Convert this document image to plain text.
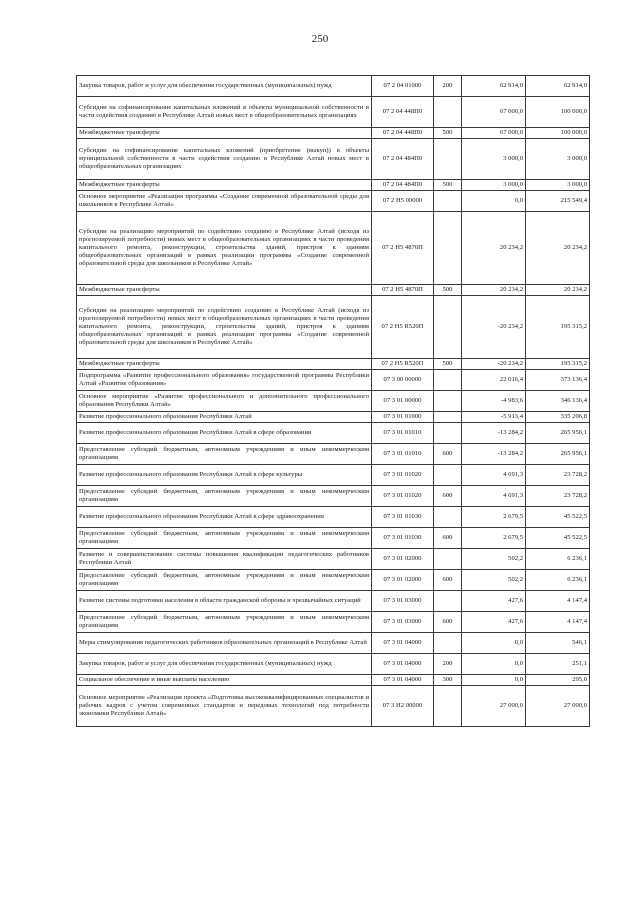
250
Закупка товаров, работ и услуг для обеспечения государственных (муниципальных) нужд	07 2 04 01000	200	62 914,0	62 914,0
Субсидии на софинансирование капитальных вложений в объекты муниципальной собственности в части содействия созданию в Республике Алтай новых мест в общеобразовательных организациях	07 2 04 448П0		67 000,0	100 000,0
Межбюджетные трансферты	07 2 04 448П0	500	67 000,0	100 000,0
Субсидии на софинансирование капитальных вложений (приобретение (выкуп)) в объекты муниципальной собственности в части содействия созданию в Республике Алтай новых мест в общеобразовательных организациях	07 2 04 484П0		3 000,0	3 000,0
Межбюджетные трансферты	07 2 04 484П0	500	3 000,0	3 000,0
Основное мероприятие «Реализация программы «Создание современной образовательной среды для школьников в Республике Алтай»	07 2 Н5 00000		0,0	215 549,4
Субсидии на реализацию мероприятий по содействию созданию в Республике Алтай (исходя из прогнозируемой потребности) новых мест в общеобразовательных организациях в части проведения капитального ремонта, реконструкции, строительства зданий, пристроя к зданиям общеобразовательных организаций в рамках реализации программы «Создание современной образовательной среды для школьников в Республике Алтай»	07 2 Н5 4870П		20 234,2	20 234,2
Межбюджетные трансферты	07 2 Н5 4870П	500	20 234,2	20 234,2
Субсидии на реализацию мероприятий по содействию созданию в Республике Алтай (исходя из прогнозируемой потребности) новых мест в общеобразовательных организациях в части проведения капитального ремонта, реконструкции, строительства зданий, пристроя к зданиям общеобразовательных организаций в рамках реализации программы «Создание современной образовательной среды для школьников в Республике Алтай»	07 2 Н5 R520П		-20 234,2	195 315,2
Межбюджетные трансферты	07 2 Н5 R520П	500	-20 234,2	195 315,2
Подпрограмма «Развитие профессионального образования» государственной программы Республики Алтай «Развитие образования»	07 3 00 00000		22 016,4	373 136,4
Основное мероприятие «Развитие профессионального и дополнительного профессионального образования Республики Алтай»	07 3 01 00000		-4 983,6	346 136,4
Развитие профессионального образования Республики Алтай	07 3 01 01000		-5 913,4	335 206,8
Развитие профессионального образования Республики Алтай в сфере образования	07 3 01 01010		-13 284,2	265 956,1
Предоставление субсидий бюджетным, автономным учреждениям и иным некоммерческим организациям	07 3 01 01010	600	-13 284,2	265 956,1
Развитие профессионального образования Республики Алтай в сфере культуры	07 3 01 01020		4 691,3	23 728,2
Предоставление субсидий бюджетным, автономным учреждениям и иным некоммерческим организациям	07 3 01 01020	600	4 691,3	23 728,2
Развитие профессионального образования Республики Алтай в сфере здравоохранения	07 3 01 01030		2 679,5	45 522,5
Предоставление субсидий бюджетным, автономным учреждениям и иным некоммерческим организациям	07 3 01 01030	600	2 679,5	45 522,5
Развитие и совершенствование системы повышения квалификации педагогических работников Республики Алтай	07 3 01 02000		502,2	6 236,1
Предоставление субсидий бюджетным, автономным учреждениям и иным некоммерческим организациям	07 3 01 02000	600	502,2	6 236,1
Развитие системы подготовки населения в области гражданской обороны и чрезвычайных ситуаций	07 3 01 03000		427,6	4 147,4
Предоставление субсидий бюджетным, автономным учреждениям и иным некоммерческим организациям	07 3 01 03000	600	427,6	4 147,4
Меры стимулирования педагогических работников образовательных организаций в Республике Алтай	07 3 01 04000		0,0	546,1
Закупка товаров, работ и услуг для обеспечения государственных (муниципальных) нужд	07 3 01 04000	200	0,0	251,1
Социальное обеспечение и иные выплаты населению	07 3 01 04000	300	0,0	295,0
Основное мероприятие «Реализация проекта «Подготовка высококвалифицированных специалистов и рабочих кадров с учетом современных стандартов и передовых технологий под потребности экономики Республики Алтай»	07 3 Н2 00000		27 000,0	27 000,0
